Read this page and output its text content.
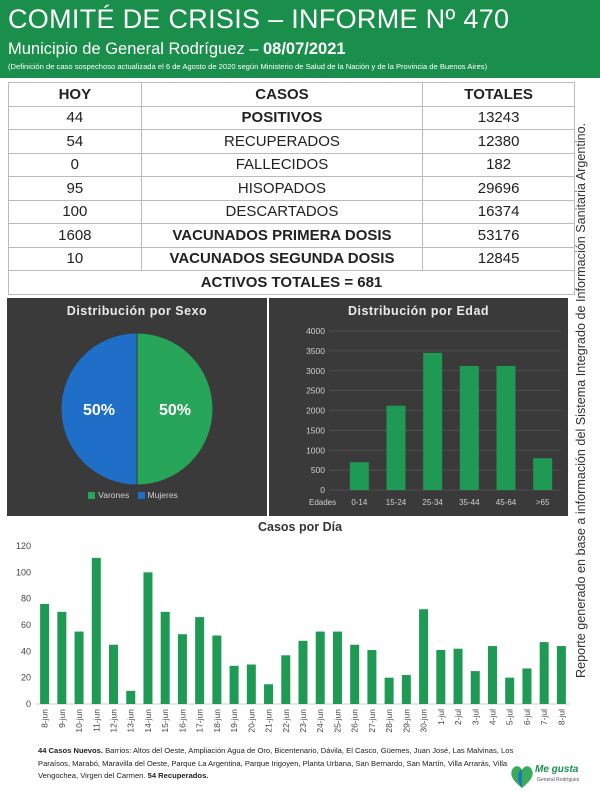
COMITÉ DE CRISIS – INFORME Nº 470
Municipio de General Rodríguez – 08/07/2021
(Definición de caso sospechoso actualizada el 6 de Agosto de 2020 según Ministerio de Salud de la Nación y de la Provincia de Buenos Aires)
HOY	CASOS	TOTALES
44	POSITIVOS	13243
54	RECUPERADOS	12380
0	FALLECIDOS	182
95	HISOPADOS	29696
100	DESCARTADOS	16374
1608	VACUNADOS PRIMERA DOSIS	53176
10	VACUNADOS SEGUNDA DOSIS	12845
ACTIVOS TOTALES = 681			Reporte generado en base a información del Sistema Integrado de Información Sanitaria Argentino.
Distribución por Sexo
50%
50%
Varones Mujeres
Distribución por Edad
0
500
1000
1500
2000
2500
3000
3500
4000
0-14 15-24 25-34 35-44 45-64 >65
Edades
Casos por Día
0
20
40
60
80
100
120
8-jun 9-jun 10-jun 11-jun 12-jun 13-jun 14-jun 15-jun 16-jun 17-jun 18-jun 19-jun 20-jun 21-jun 22-jun 23-jun 24-jun 25-jun 26-jun 27-jun 28-jun 29-jun 30-jun 1-jul 2-jul 3-jul 4-jul 5-jul 6-jul 7-jul 8-jul
44 Casos Nuevos. Barrios: Altos del Oeste, Ampliación Agua de Oro, Bicentenario, Dávila, El Casco, Güemes, Juan José, Las Malvinas, Los Paraísos, Marabó, Maravilla del Oeste, Parque La Argentina, Parque Irigoyen, Planta Urbana, San Bernardo, San Martín, Villa Arrarás, Villa Vengochea, Virgen del Carmen. 54 Recuperados.
Me gusta
General Rodríguez
